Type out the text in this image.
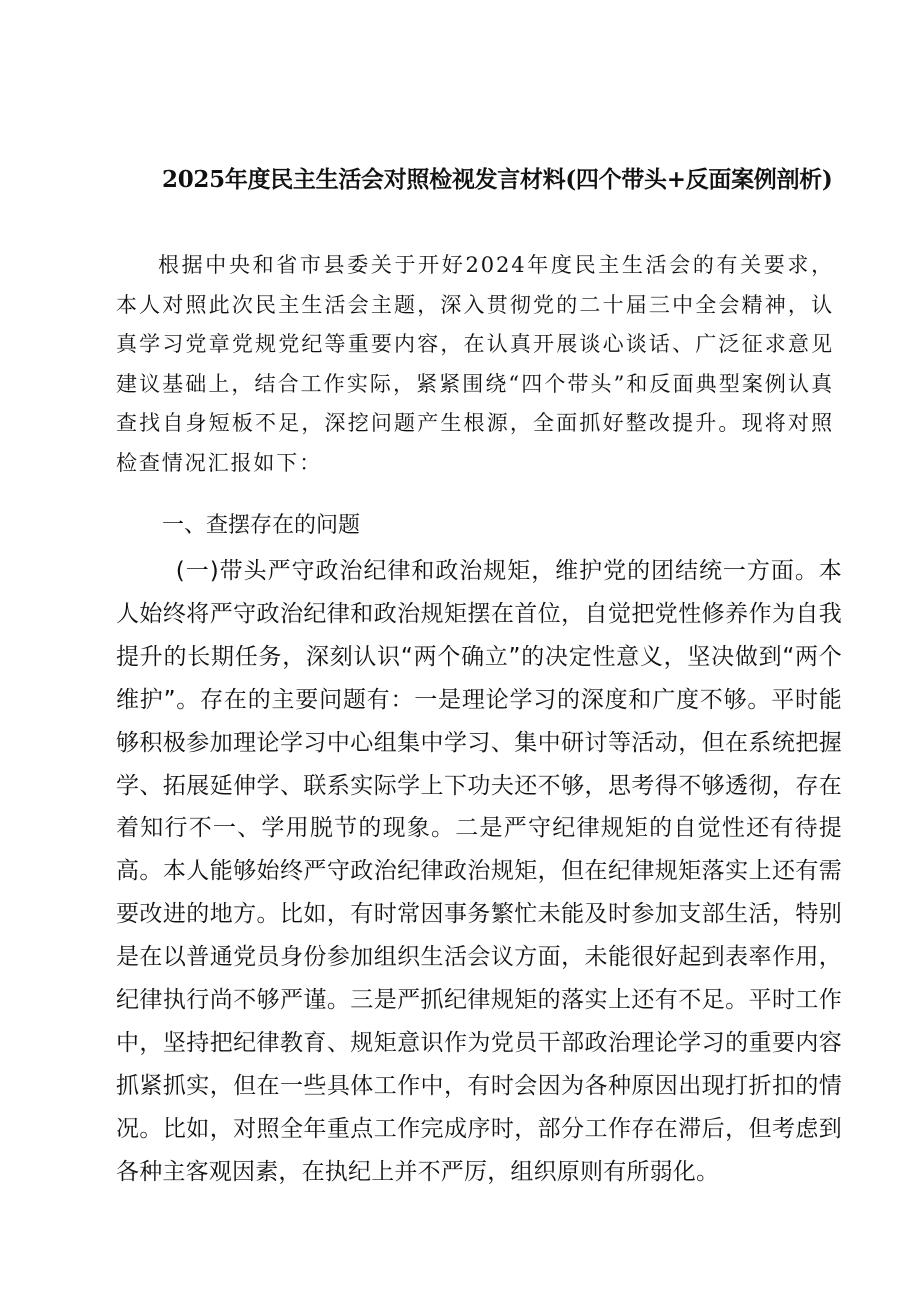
2025年度民主生活会对照检视发言材料(四个带头+反面案例剖析)

根据中央和省市县委关于开好2024年度民主生活会的有关要求，本人对照此次民主生活会主题，深入贯彻党的二十届三中全会精神，认真学习党章党规党纪等重要内容，在认真开展谈心谈话、广泛征求意见建议基础上，结合工作实际，紧紧围绕“四个带头”和反面典型案例认真查找自身短板不足，深挖问题产生根源，全面抓好整改提升。现将对照检查情况汇报如下：

一、查摆存在的问题

(一)带头严守政治纪律和政治规矩，维护党的团结统一方面。本人始终将严守政治纪律和政治规矩摆在首位，自觉把党性修养作为自我提升的长期任务，深刻认识“两个确立”的决定性意义，坚决做到“两个维护”。存在的主要问题有：一是理论学习的深度和广度不够。平时能够积极参加理论学习中心组集中学习、集中研讨等活动，但在系统把握学、拓展延伸学、联系实际学上下功夫还不够，思考得不够透彻，存在着知行不一、学用脱节的现象。二是严守纪律规矩的自觉性还有待提高。本人能够始终严守政治纪律政治规矩，但在纪律规矩落实上还有需要改进的地方。比如，有时常因事务繁忙未能及时参加支部生活，特别是在以普通党员身份参加组织生活会议方面，未能很好起到表率作用，纪律执行尚不够严谨。三是严抓纪律规矩的落实上还有不足。平时工作中，坚持把纪律教育、规矩意识作为党员干部政治理论学习的重要内容抓紧抓实，但在一些具体工作中，有时会因为各种原因出现打折扣的情况。比如，对照全年重点工作完成序时，部分工作存在滞后，但考虑到各种主客观因素，在执纪上并不严厉，组织原则有所弱化。
